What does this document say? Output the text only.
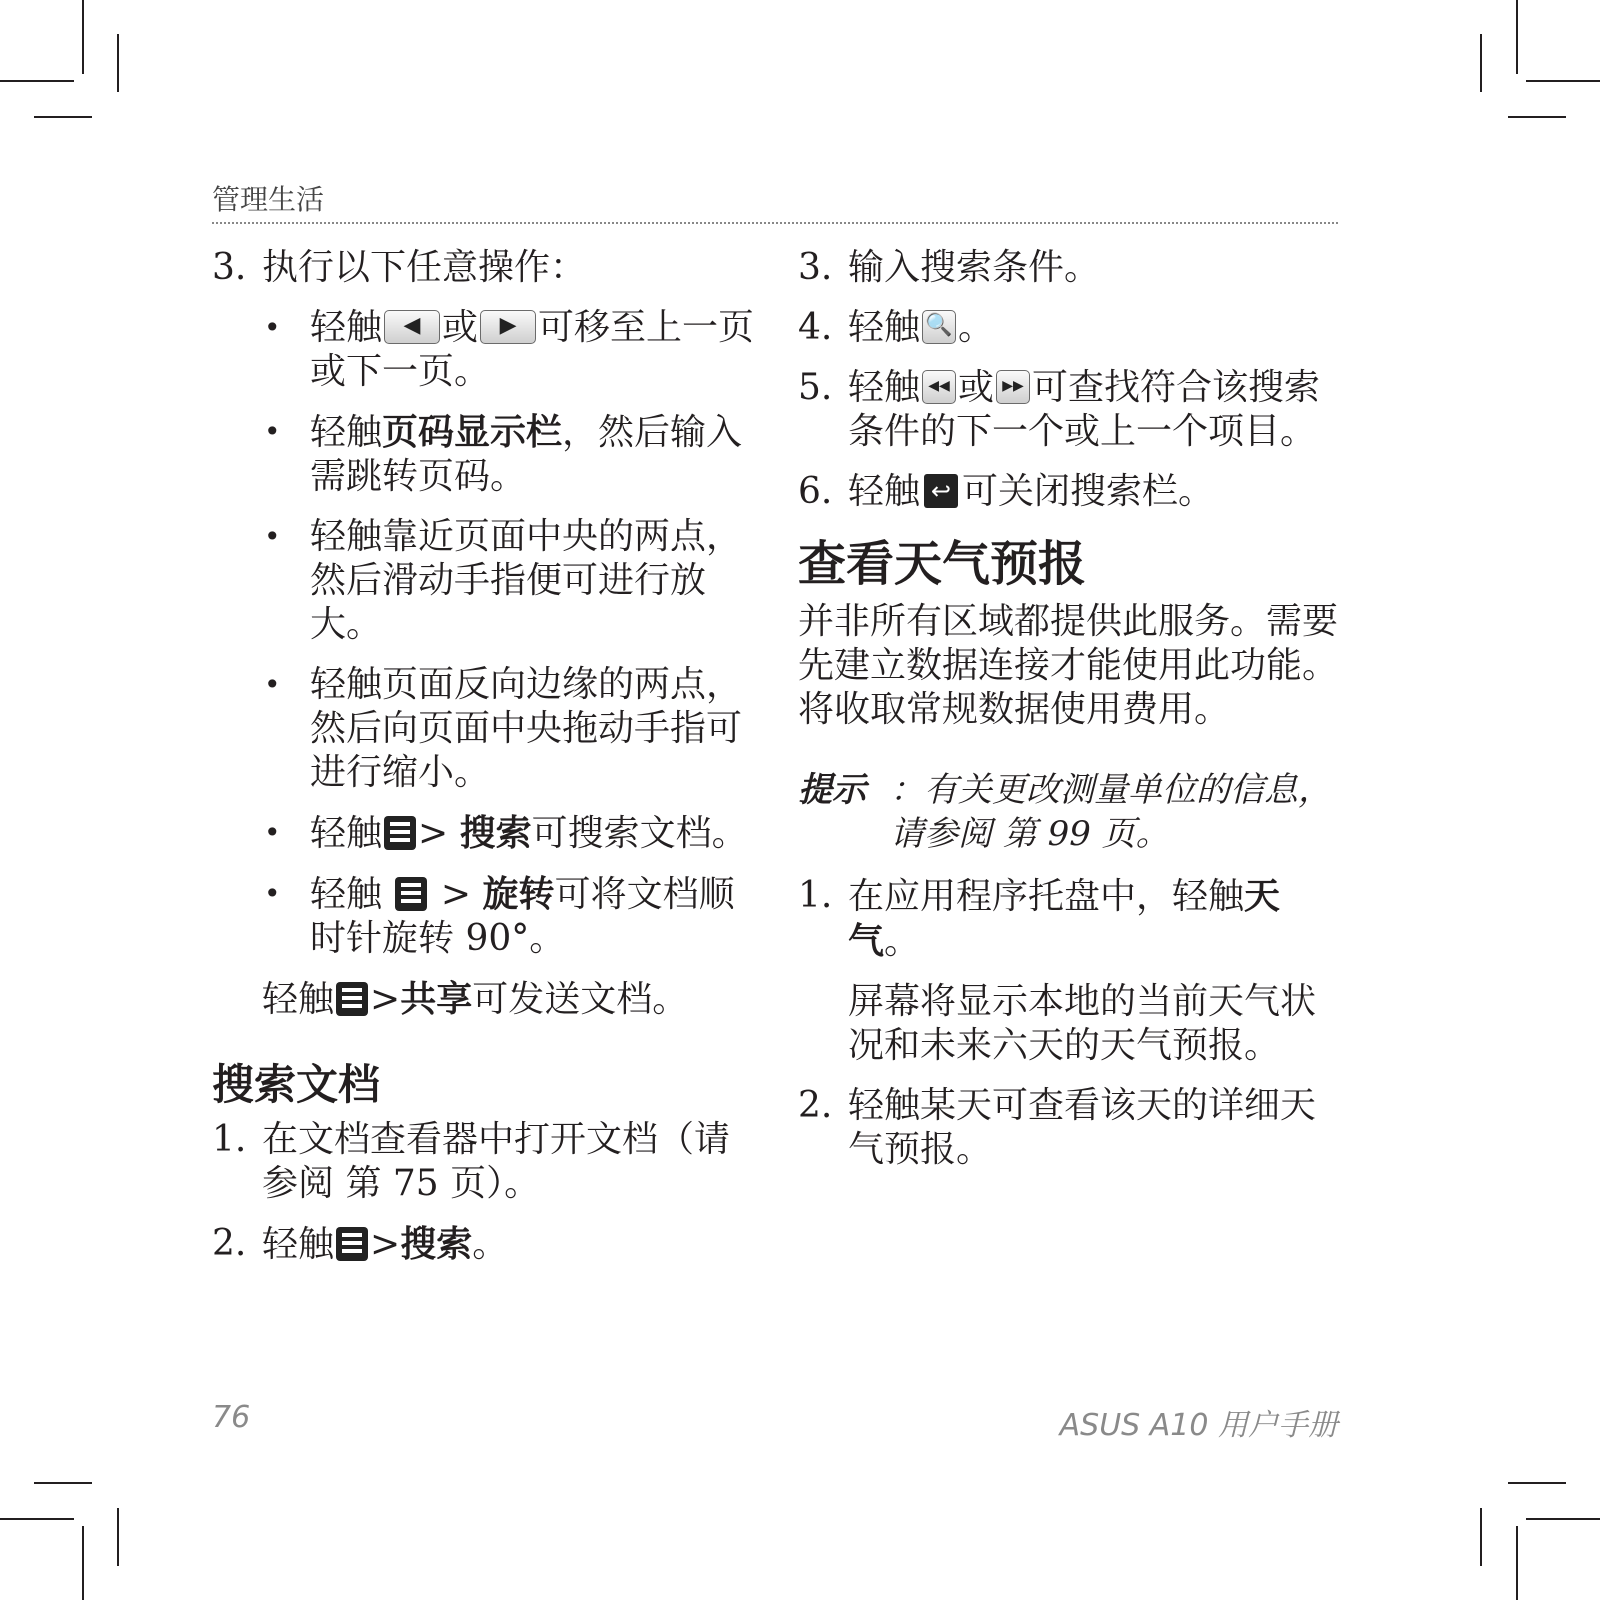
管理生活
3. 执行以下任意操作：
• 轻触 ◀ 或 ▶ 可移至上一页或下一页。
• 轻触页码显示栏，然后输入需跳转页码。
• 轻触靠近页面中央的两点，然后滑动手指便可进行放大。
• 轻触页面反向边缘的两点，然后向页面中央拖动手指可进行缩小。
• 轻触 > 搜索可搜索文档。
• 轻触 > 旋转可将文档顺时针旋转 90°。
轻触 >共享可发送文档。
搜索文档
1. 在文档查看器中打开文档（请参阅 第 75 页）。
2. 轻触 >搜索。
3. 输入搜索条件。
4. 轻触 🔍 。
5. 轻触 ◀◀ 或 ▶▶ 可查找符合该搜索条件的下一个或上一个项目。
6. 轻触 ↩ 可关闭搜索栏。
查看天气预报
并非所有区域都提供此服务。需要先建立数据连接才能使用此功能。将收取常规数据使用费用。
提示 ：有关更改测量单位的信息，请参阅 第 99 页。
1. 在应用程序托盘中，轻触天气。
屏幕将显示本地的当前天气状况和未来六天的天气预报。
2. 轻触某天可查看该天的详细天气预报。
76	ASUS A10 用户手册
